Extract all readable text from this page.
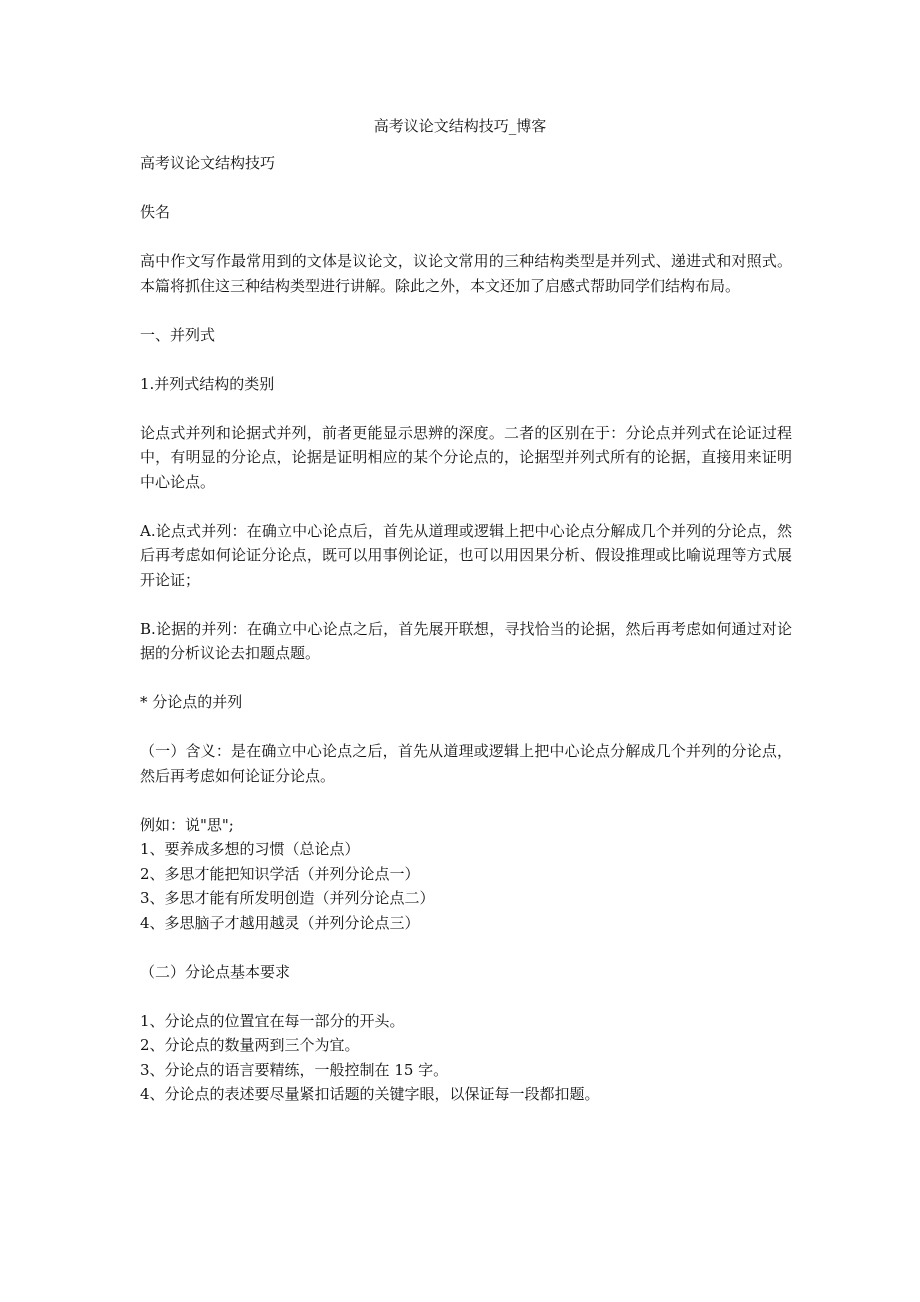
高考议论文结构技巧_博客

高考议论文结构技巧

佚名

高中作文写作最常用到的文体是议论文，议论文常用的三种结构类型是并列式、递进式和对照式。本篇将抓住这三种结构类型进行讲解。除此之外，本文还加了启感式帮助同学们结构布局。

一、并列式

1.并列式结构的类别

论点式并列和论据式并列，前者更能显示思辨的深度。二者的区别在于：分论点并列式在论证过程中，有明显的分论点，论据是证明相应的某个分论点的，论据型并列式所有的论据，直接用来证明中心论点。

A.论点式并列：在确立中心论点后，首先从道理或逻辑上把中心论点分解成几个并列的分论点，然后再考虑如何论证分论点，既可以用事例论证，也可以用因果分析、假设推理或比喻说理等方式展开论证；

B.论据的并列：在确立中心论点之后，首先展开联想，寻找恰当的论据，然后再考虑如何通过对论据的分析议论去扣题点题。

* 分论点的并列

（一）含义：是在确立中心论点之后，首先从道理或逻辑上把中心论点分解成几个并列的分论点，然后再考虑如何论证分论点。

例如：说"思";
1、要养成多想的习惯（总论点）
2、多思才能把知识学活（并列分论点一）
3、多思才能有所发明创造（并列分论点二）
4、多思脑子才越用越灵（并列分论点三）

（二）分论点基本要求

1、分论点的位置宜在每一部分的开头。
2、分论点的数量两到三个为宜。
3、分论点的语言要精练，一般控制在 15 字。
4、分论点的表述要尽量紧扣话题的关键字眼，以保证每一段都扣题。
